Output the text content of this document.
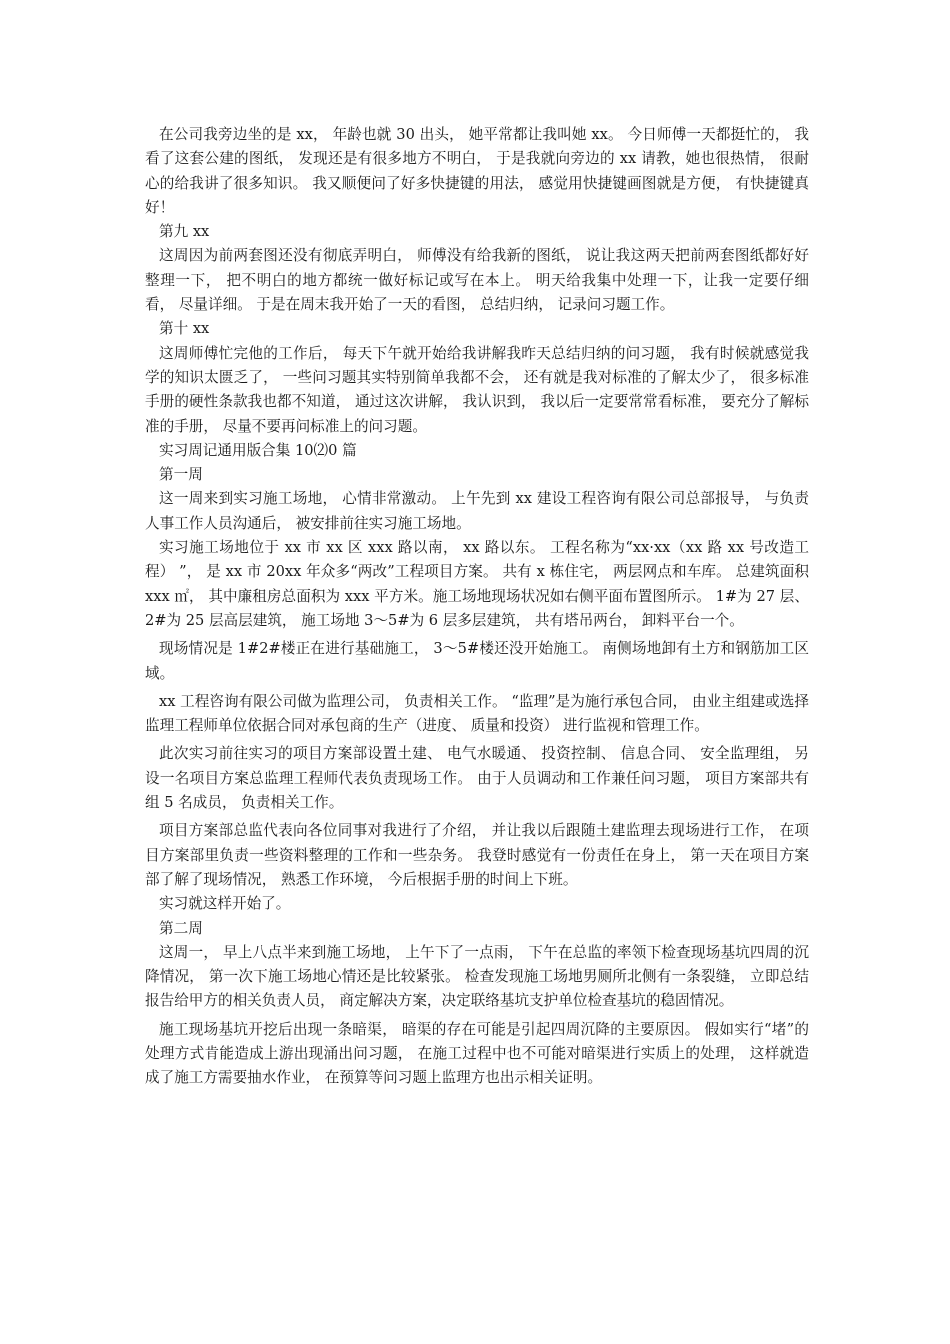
在公司我旁边坐的是 xx， 年龄也就 30 出头， 她平常都让我叫她 xx。 今日师傅一天都挺忙的， 我看了这套公建的图纸， 发现还是有很多地方不明白， 于是我就向旁边的 xx 请教，她也很热情， 很耐心的给我讲了很多知识。 我又顺便问了好多快捷键的用法， 感觉用快捷键画图就是方便， 有快捷键真好！

第九 xx

这周因为前两套图还没有彻底弄明白， 师傅没有给我新的图纸， 说让我这两天把前两套图纸都好好整理一下， 把不明白的地方都统一做好标记或写在本上。 明天给我集中处理一下，让我一定要仔细看， 尽量详细。 于是在周末我开始了一天的看图， 总结归纳， 记录问习题工作。

第十 xx

这周师傅忙完他的工作后， 每天下午就开始给我讲解我昨天总结归纳的问习题， 我有时候就感觉我学的知识太匮乏了， 一些问习题其实特别简单我都不会， 还有就是我对标准的了解太少了， 很多标准手册的硬性条款我也都不知道， 通过这次讲解， 我认识到， 我以后一定要常常看标准， 要充分了解标准的手册， 尽量不要再问标准上的问习题。

实习周记通用版合集 10⑵0 篇

第一周

这一周来到实习施工场地， 心情非常激动。 上午先到 xx 建设工程咨询有限公司总部报导， 与负责人事工作人员沟通后， 被安排前往实习施工场地。

实习施工场地位于 xx 市 xx 区 xxx 路以南， xx 路以东。 工程名称为“xx·xx（xx 路 xx 号改造工程） ”， 是 xx 市 20xx 年众多“两改”工程项目方案。 共有 x 栋住宅， 两层网点和车库。 总建筑面积 xxx ㎡， 其中廉租房总面积为 xxx 平方米。施工场地现场状况如右侧平面布置图所示。 1#为 27 层、 2#为 25 层高层建筑， 施工场地 3～5#为 6 层多层建筑， 共有塔吊两台， 卸料平台一个。

现场情况是 1#2#楼正在进行基础施工， 3～5#楼还没开始施工。 南侧场地卸有土方和钢筋加工区域。

xx 工程咨询有限公司做为监理公司， 负责相关工作。 “监理”是为施行承包合同， 由业主组建或选择监理工程师单位依据合同对承包商的生产（进度、 质量和投资） 进行监视和管理工作。

此次实习前往实习的项目方案部设置土建、 电气水暖通、 投资控制、 信息合同、 安全监理组， 另设一名项目方案总监理工程师代表负责现场工作。 由于人员调动和工作兼任问习题， 项目方案部共有组 5 名成员， 负责相关工作。

项目方案部总监代表向各位同事对我进行了介绍， 并让我以后跟随土建监理去现场进行工作， 在项目方案部里负责一些资料整理的工作和一些杂务。 我登时感觉有一份责任在身上， 第一天在项目方案部了解了现场情况， 熟悉工作环境， 今后根据手册的时间上下班。

实习就这样开始了。

第二周

这周一， 早上八点半来到施工场地， 上午下了一点雨， 下午在总监的率领下检查现场基坑四周的沉降情况， 第一次下施工场地心情还是比较紧张。 检查发现施工场地男厕所北侧有一条裂缝， 立即总结报告给甲方的相关负责人员， 商定解决方案，决定联络基坑支护单位检查基坑的稳固情况。

施工现场基坑开挖后出现一条暗渠， 暗渠的存在可能是引起四周沉降的主要原因。 假如实行“堵”的处理方式肯能造成上游出现涌出问习题， 在施工过程中也不可能对暗渠进行实质上的处理， 这样就造成了施工方需要抽水作业， 在预算等问习题上监理方也出示相关证明。
